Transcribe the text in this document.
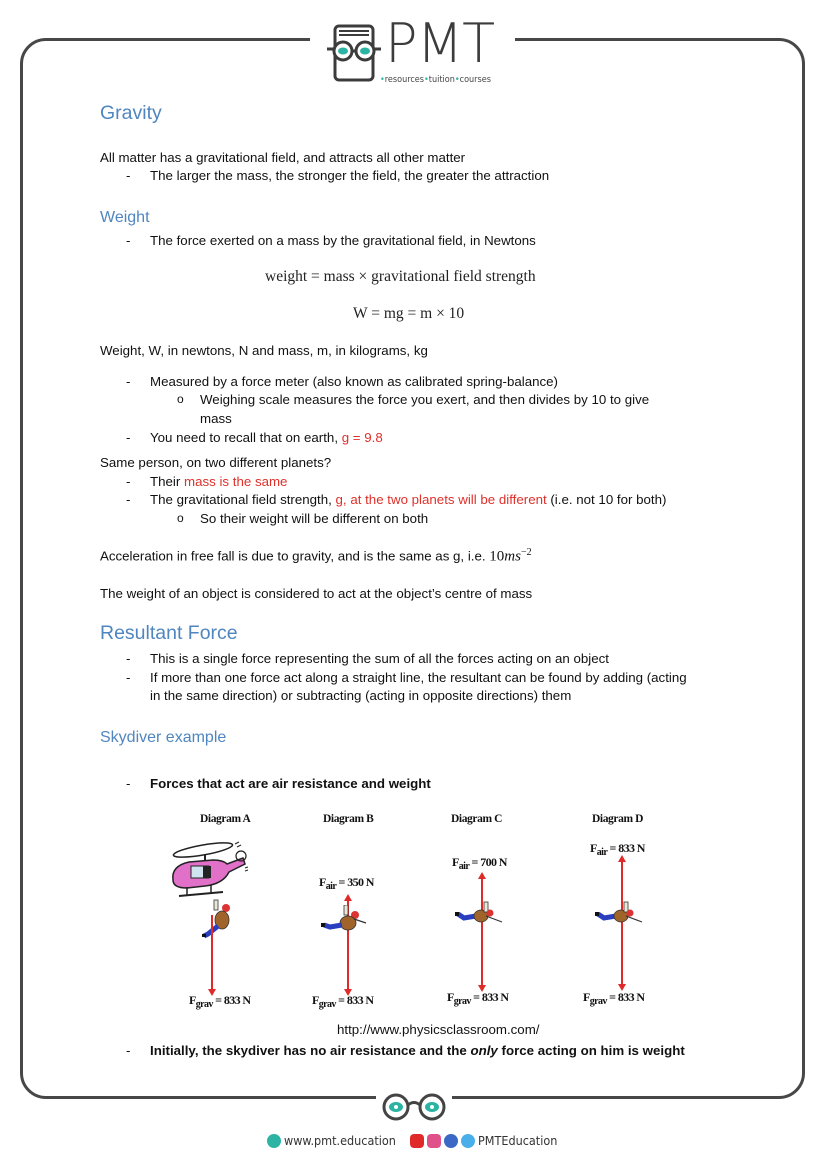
PMT
•resources•tuition•courses
Gravity
All matter has a gravitational field, and attracts all other matter
- The larger the mass, the stronger the field, the greater the attraction
Weight
- The force exerted on a mass by the gravitational field, in Newtons
weight = mass × gravitational field strength
W = mg = m × 10
Weight, W, in newtons, N and mass, m, in kilograms, kg
- Measured by a force meter (also known as calibrated spring-balance)
o Weighing scale measures the force you exert, and then divides by 10 to give
mass
- You need to recall that on earth, g = 9.8
Same person, on two different planets?
- Their mass is the same
- The gravitational field strength, g, at the two planets will be different (i.e. not 10 for both)
o So their weight will be different on both
Acceleration in free fall is due to gravity, and is the same as g, i.e. $10ms^{-2}$
The weight of an object is considered to act at the object’s centre of mass
Resultant Force
- This is a single force representing the sum of all the forces acting on an object
- If more than one force act along a straight line, the resultant can be found by adding (acting
in the same direction) or subtracting (acting in opposite directions) them
Skydiver example
- Forces that act are air resistance and weight
Diagram A
$F_{grav} = 833$ N
Diagram B
$F_{air} = 350$ N
$F_{grav} = 833$ N
Diagram C
$F_{air} = 700$ N
$F_{grav} = 833$ N
Diagram D
$F_{air} = 833$ N
$F_{grav} = 833$ N
http://www.physicsclassroom.com/
- Initially, the skydiver has no air resistance and the only force acting on him is weight
www.pmt.education	PMTEducation
